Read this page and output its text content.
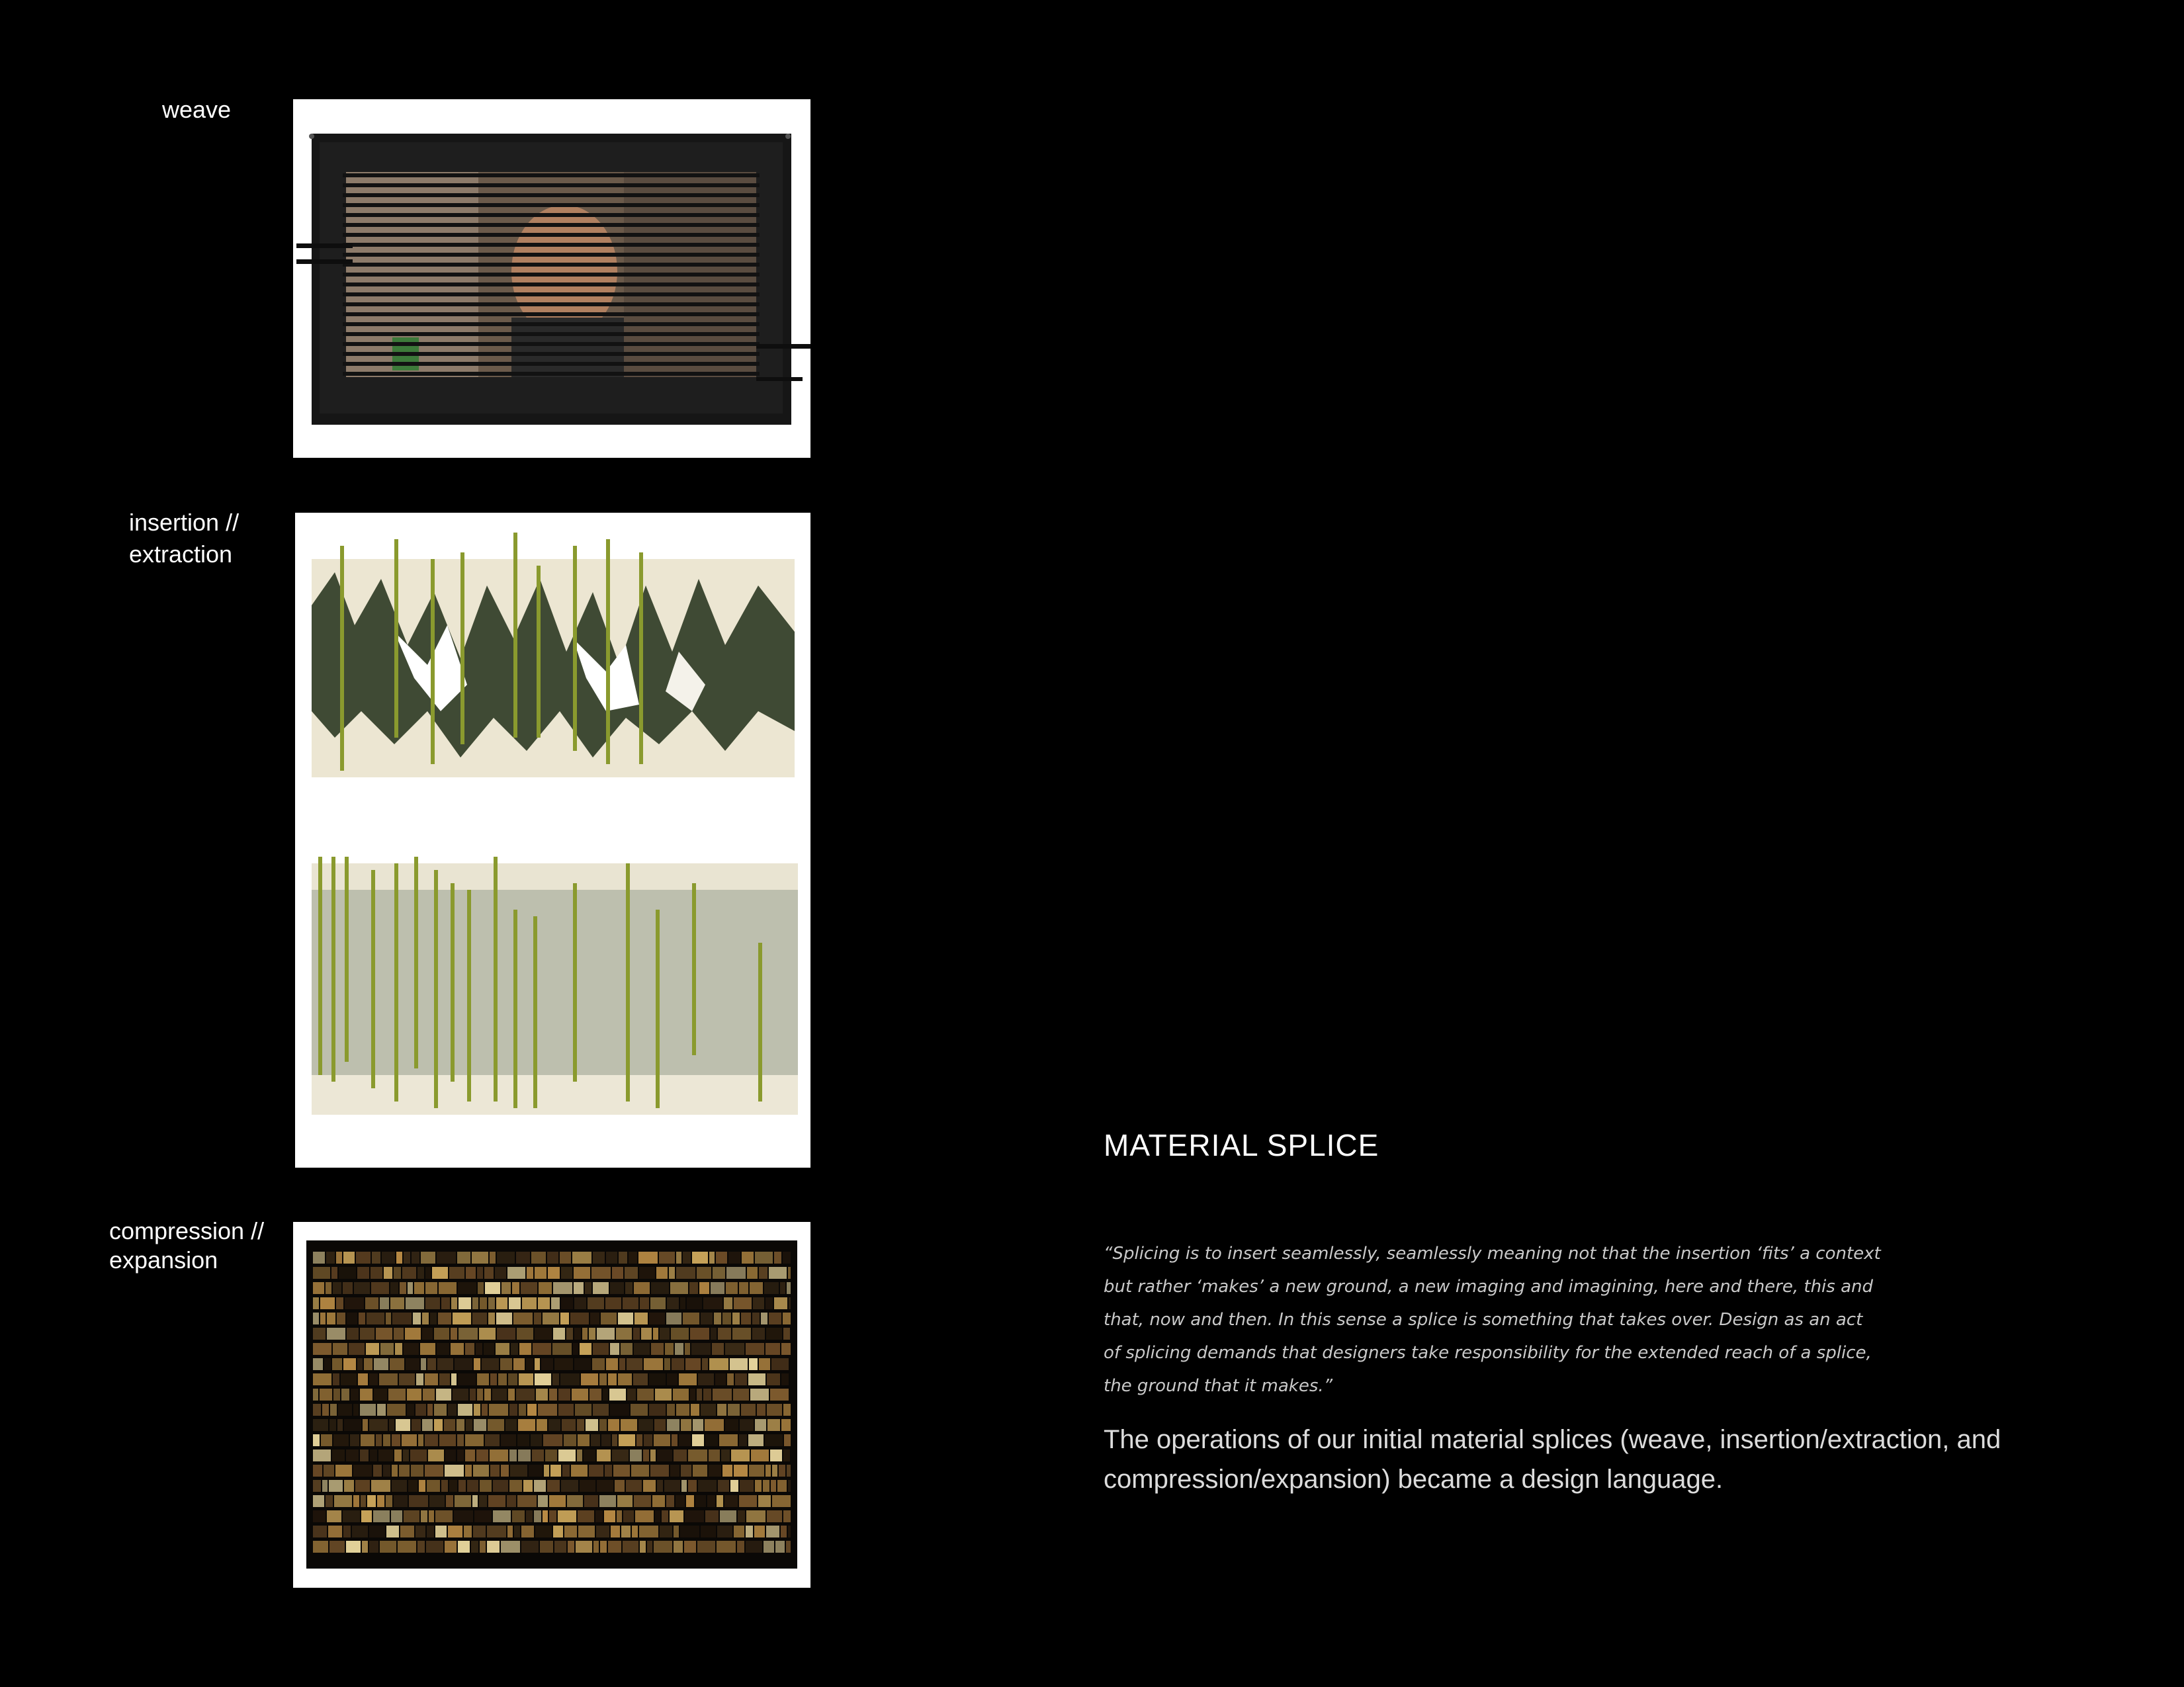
weave
insertion //
extraction
compression //
expansion
MATERIAL SPLICE
“Splicing is to insert seamlessly, seamlessly meaning not that the insertion ‘fits’ a context
but rather ‘makes’ a new ground, a new imaging and imagining, here and there, this and
that, now and then. In this sense a splice is something that takes over. Design as an act
of splicing demands that designers take responsibility for the extended reach of a splice,
the ground that it makes.”
The operations of our initial material splices (weave, insertion/extraction, and
compression/expansion) became a design language.
